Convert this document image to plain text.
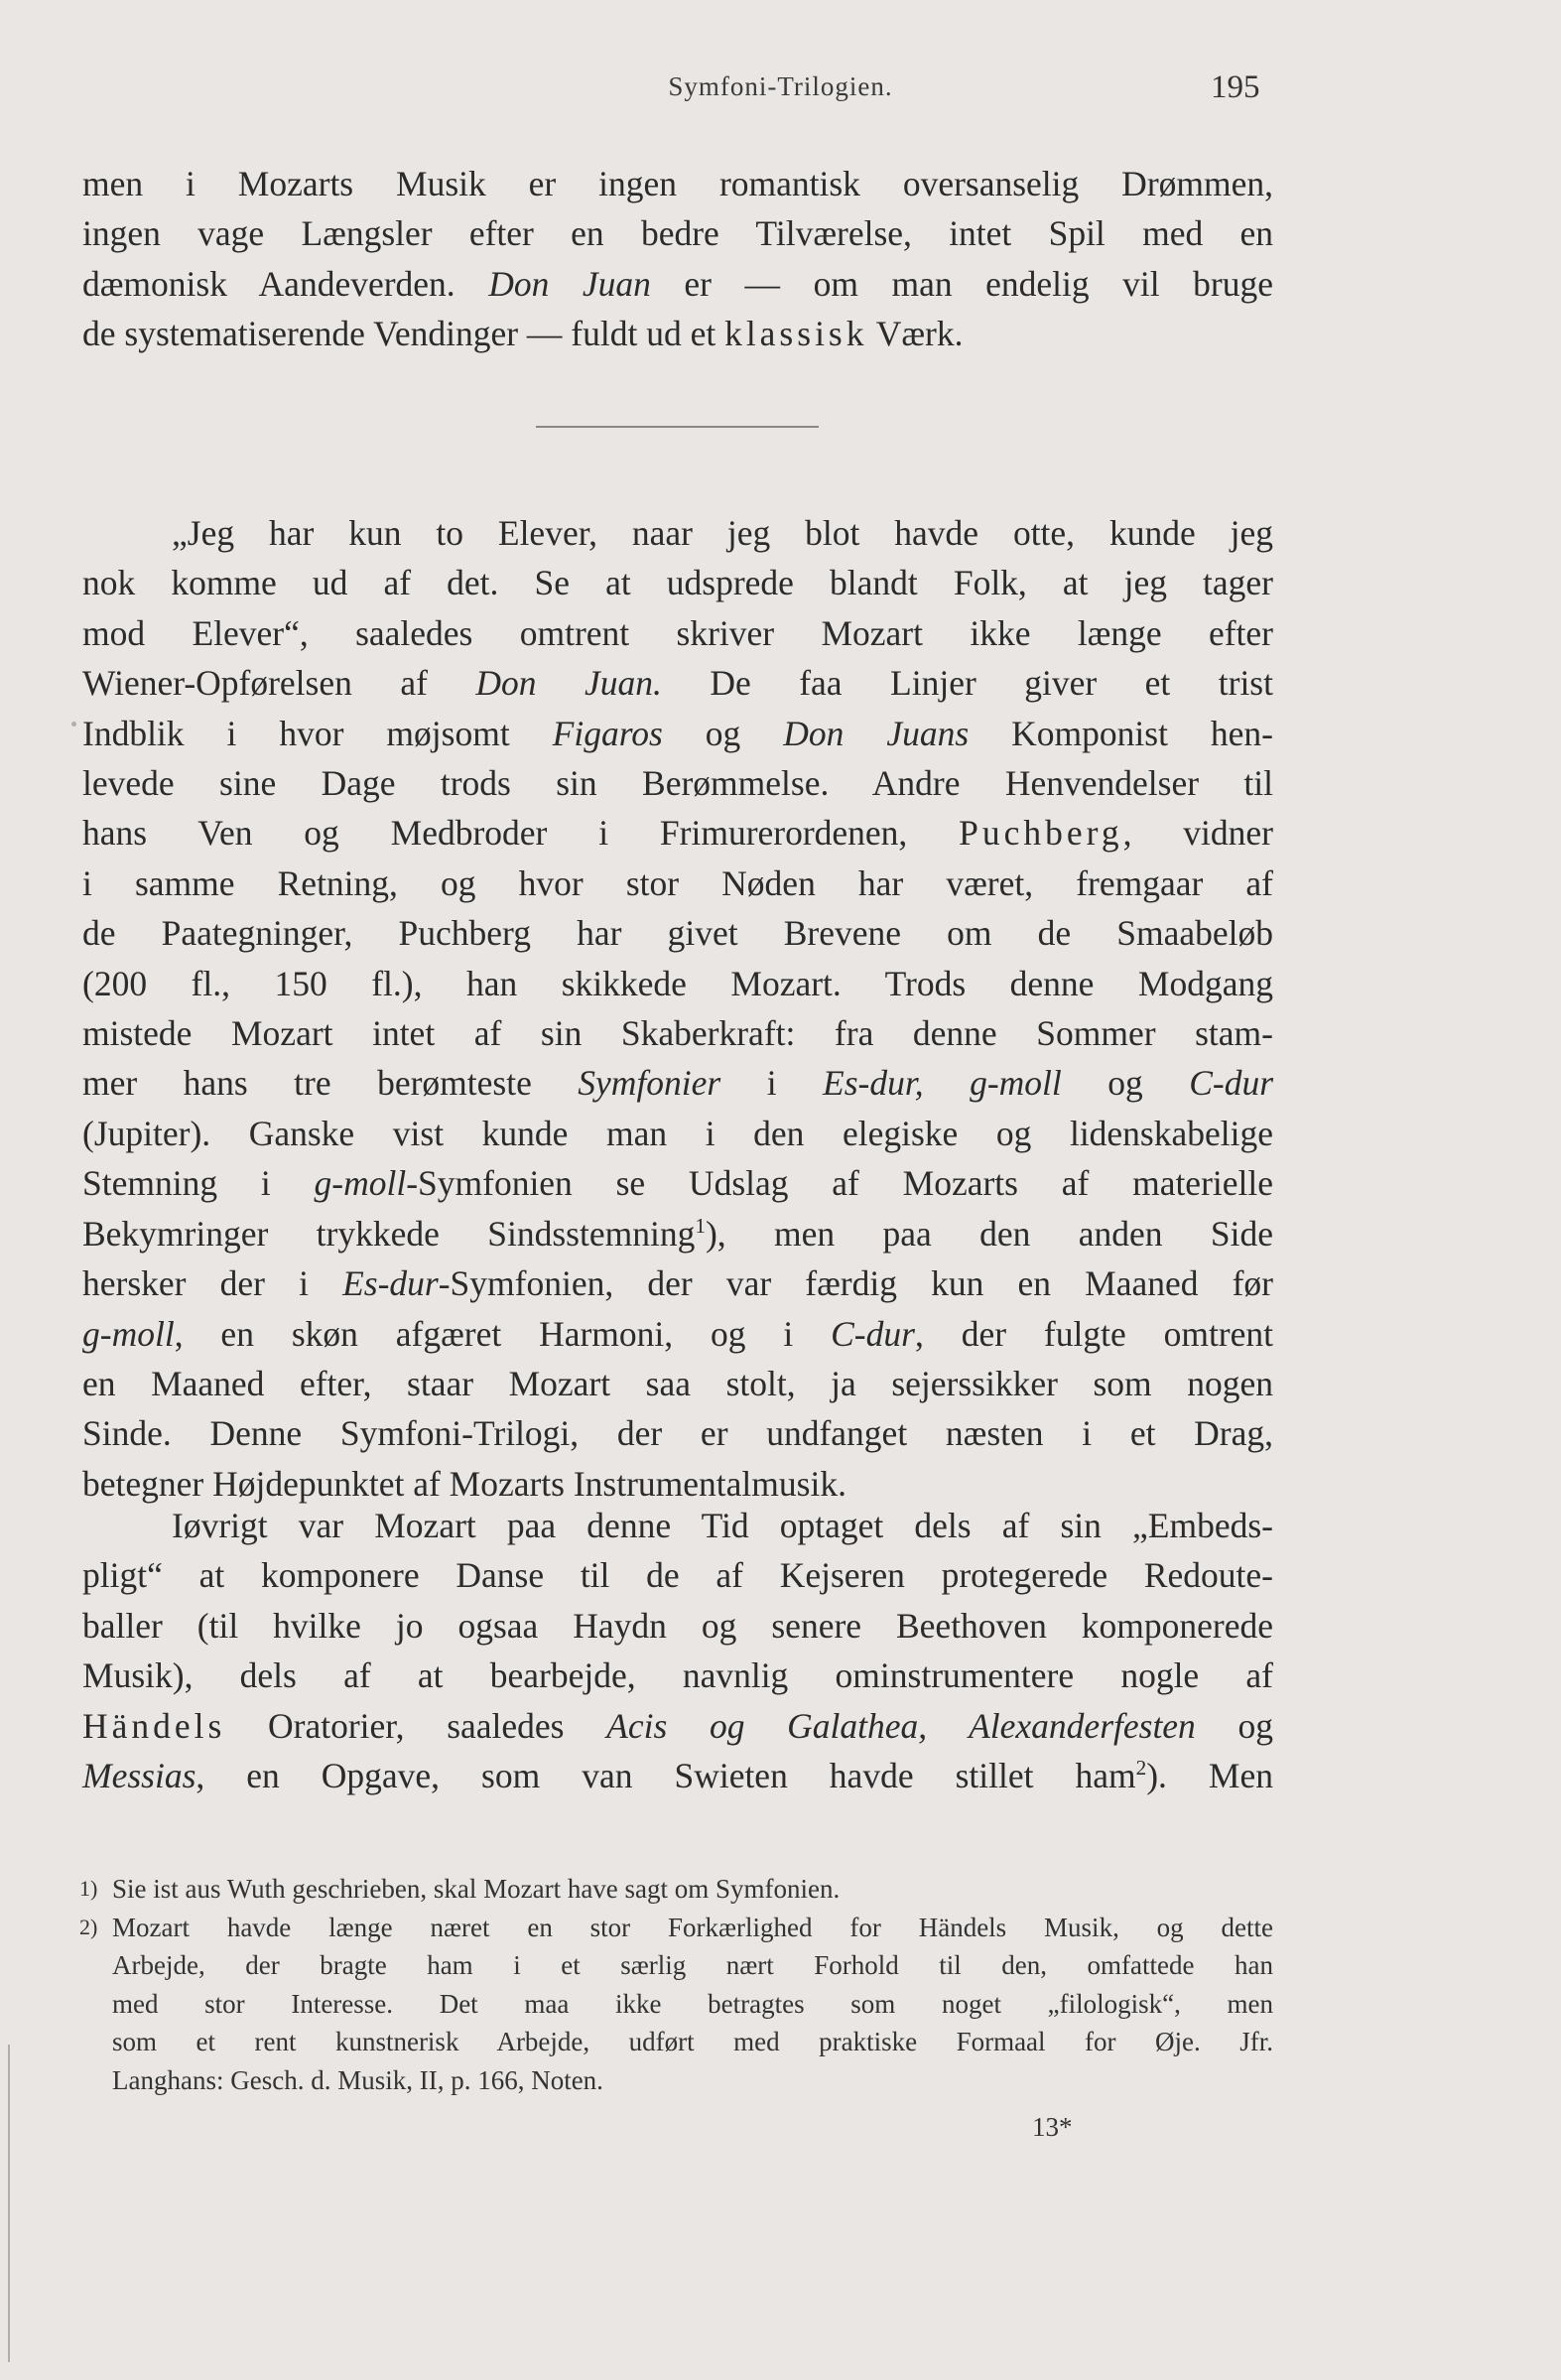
Symfoni-Trilogien.	195

men i Mozarts Musik er ingen romantisk oversanselig Drømmen,

ingen vage Længsler efter en bedre Tilværelse, intet Spil med en

dæmonisk Aandeverden. Don Juan er — om man endelig vil bruge

de systematiserende Vendinger — fuldt ud et klassisk Værk.

„Jeg har kun to Elever, naar jeg blot havde otte, kunde jeg

nok komme ud af det. Se at udsprede blandt Folk, at jeg tager

mod Elever“, saaledes omtrent skriver Mozart ikke længe efter

Wiener-Opførelsen af Don Juan. De faa Linjer giver et trist

Indblik i hvor møjsomt Figaros og Don Juans Komponist hen-

levede sine Dage trods sin Berømmelse. Andre Henvendelser til

hans Ven og Medbroder i Frimurerordenen, Puchberg, vidner

i samme Retning, og hvor stor Nøden har været, fremgaar af

de Paategninger, Puchberg har givet Brevene om de Smaabeløb

(200 fl., 150 fl.), han skikkede Mozart. Trods denne Modgang

mistede Mozart intet af sin Skaberkraft: fra denne Sommer stam-

mer hans tre berømteste Symfonier i Es-dur, g-moll og C-dur

(Jupiter). Ganske vist kunde man i den elegiske og lidenskabelige

Stemning i g-moll-Symfonien se Udslag af Mozarts af materielle

Bekymringer trykkede Sindsstemning$^1$), men paa den anden Side

hersker der i Es-dur-Symfonien, der var færdig kun en Maaned før

g-moll, en skøn afgæret Harmoni, og i C-dur, der fulgte omtrent

en Maaned efter, staar Mozart saa stolt, ja sejerssikker som nogen

Sinde. Denne Symfoni-Trilogi, der er undfanget næsten i et Drag,

betegner Højdepunktet af Mozarts Instrumentalmusik.

Iøvrigt var Mozart paa denne Tid optaget dels af sin „Embeds-

pligt“ at komponere Danse til de af Kejseren protegerede Redoute-

baller (til hvilke jo ogsaa Haydn og senere Beethoven komponerede

Musik), dels af at bearbejde, navnlig ominstrumentere nogle af

Händels Oratorier, saaledes Acis og Galathea, Alexanderfesten og

Messias, en Opgave, som van Swieten havde stillet ham$^2$). Men

1) Sie ist aus Wuth geschrieben, skal Mozart have sagt om Symfonien.
2) Mozart havde længe næret en stor Forkærlighed for Händels Musik, og dette
Arbejde, der bragte ham i et særlig nært Forhold til den, omfattede han
med stor Interesse. Det maa ikke betragtes som noget „filologisk“, men
som et rent kunstnerisk Arbejde, udført med praktiske Formaal for Øje. Jfr.
Langhans: Gesch. d. Musik, II, p. 166, Noten.
13*
